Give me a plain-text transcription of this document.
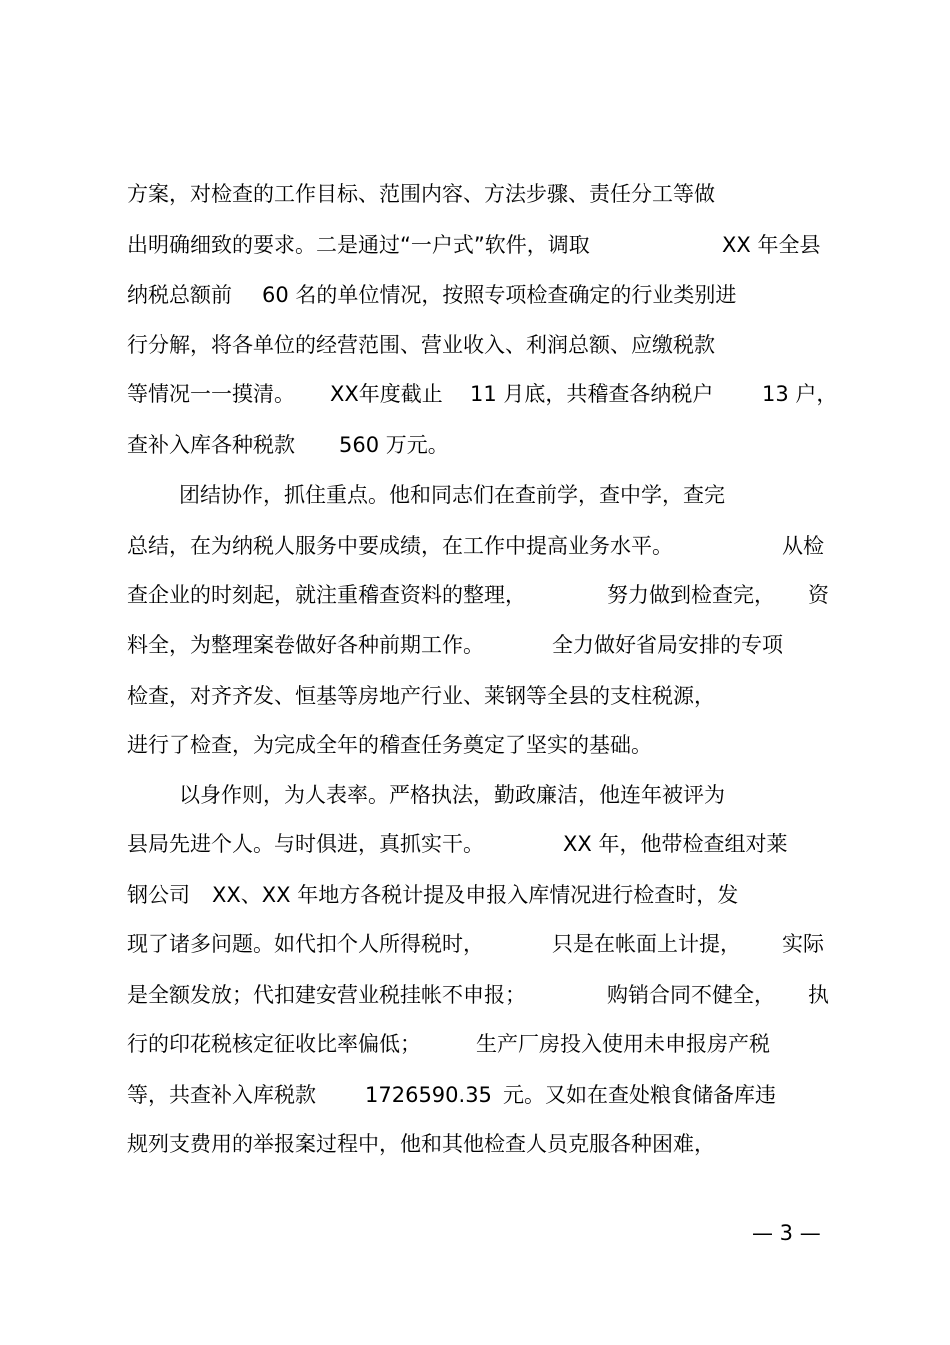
方案，对检查的工作目标、范围内容、方法步骤、责任分工等做

出明确细致的要求。二是通过“一户式”软件，调取

	XX 年全县

纳税总额前

60 名的单位情况，按照专项检查确定的行业类别进

行分解，将各单位的经营范围、营业收入、利润总额、应缴税款

等情况一一摸清。

XX年度截止

11 月底，共稽查各纳税户

13 户，

查补入库各种税款

560 万元。

团结协作，抓住重点。他和同志们在查前学，查中学，查完

总结，在为纳税人服务中要成绩，在工作中提高业务水平。

	从检

查企业的时刻起，就注重稽查资料的整理，

	努力做到检查完，

资

料全，为整理案卷做好各种前期工作。

	全力做好省局安排的专项

检查，对齐齐发、恒基等房地产行业、莱钢等全县的支柱税源，

进行了检查，为完成全年的稽查任务奠定了坚实的基础。

以身作则，为人表率。严格执法，勤政廉洁，他连年被评为

县局先进个人。与时俱进，真抓实干。

	XX 年，他带检查组对莱

钢公司

XX、XX 年地方各税计提及申报入库情况进行检查时，发

现了诸多问题。如代扣个人所得税时，

	只是在帐面上计提，

实际

是全额发放；代扣建安营业税挂帐不申报；

	购销合同不健全，

执

行的印花税核定征收比率偏低；

	生产厂房投入使用未申报房产税

等，共查补入库税款

1726590.35

元。又如在查处粮食储备库违

规列支费用的举报案过程中，他和其他检查人员克服各种困难，

— 3 —
